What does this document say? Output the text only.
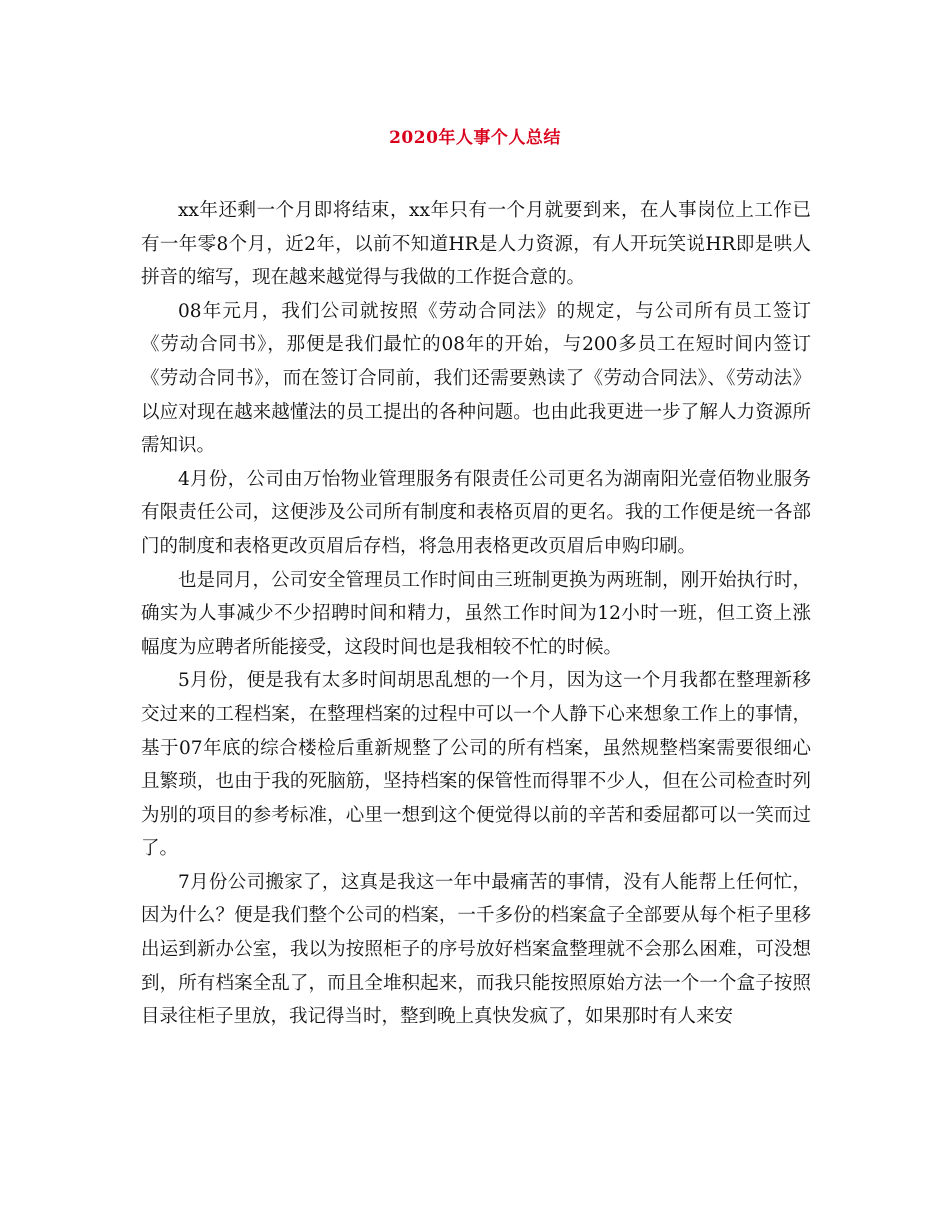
2020年人事个人总结

xx年还剩一个月即将结束，xx年只有一个月就要到来，在人事岗位上工作已有一年零8个月，近2年，以前不知道HR是人力资源，有人开玩笑说HR即是哄人拼音的缩写，现在越来越觉得与我做的工作挺合意的。

08年元月，我们公司就按照《劳动合同法》的规定，与公司所有员工签订《劳动合同书》，那便是我们最忙的08年的开始，与200多员工在短时间内签订《劳动合同书》，而在签订合同前，我们还需要熟读了《劳动合同法》、《劳动法》以应对现在越来越懂法的员工提出的各种问题。也由此我更进一步了解人力资源所需知识。

4月份，公司由万怡物业管理服务有限责任公司更名为湖南阳光壹佰物业服务有限责任公司，这便涉及公司所有制度和表格页眉的更名。我的工作便是统一各部门的制度和表格更改页眉后存档，将急用表格更改页眉后申购印刷。

也是同月，公司安全管理员工作时间由三班制更换为两班制，刚开始执行时，确实为人事减少不少招聘时间和精力，虽然工作时间为12小时一班，但工资上涨幅度为应聘者所能接受，这段时间也是我相较不忙的时候。

5月份，便是我有太多时间胡思乱想的一个月，因为这一个月我都在整理新移交过来的工程档案，在整理档案的过程中可以一个人静下心来想象工作上的事情，基于07年底的综合楼检后重新规整了公司的所有档案，虽然规整档案需要很细心且繁琐，也由于我的死脑筋，坚持档案的保管性而得罪不少人，但在公司检查时列为别的项目的参考标准，心里一想到这个便觉得以前的辛苦和委屈都可以一笑而过了。

7月份公司搬家了，这真是我这一年中最痛苦的事情，没有人能帮上任何忙，因为什么？便是我们整个公司的档案，一千多份的档案盒子全部要从每个柜子里移出运到新办公室，我以为按照柜子的序号放好档案盒整理就不会那么困难，可没想到，所有档案全乱了，而且全堆积起来，而我只能按照原始方法一个一个盒子按照目录往柜子里放，我记得当时，整到晚上真快发疯了，如果那时有人来安
